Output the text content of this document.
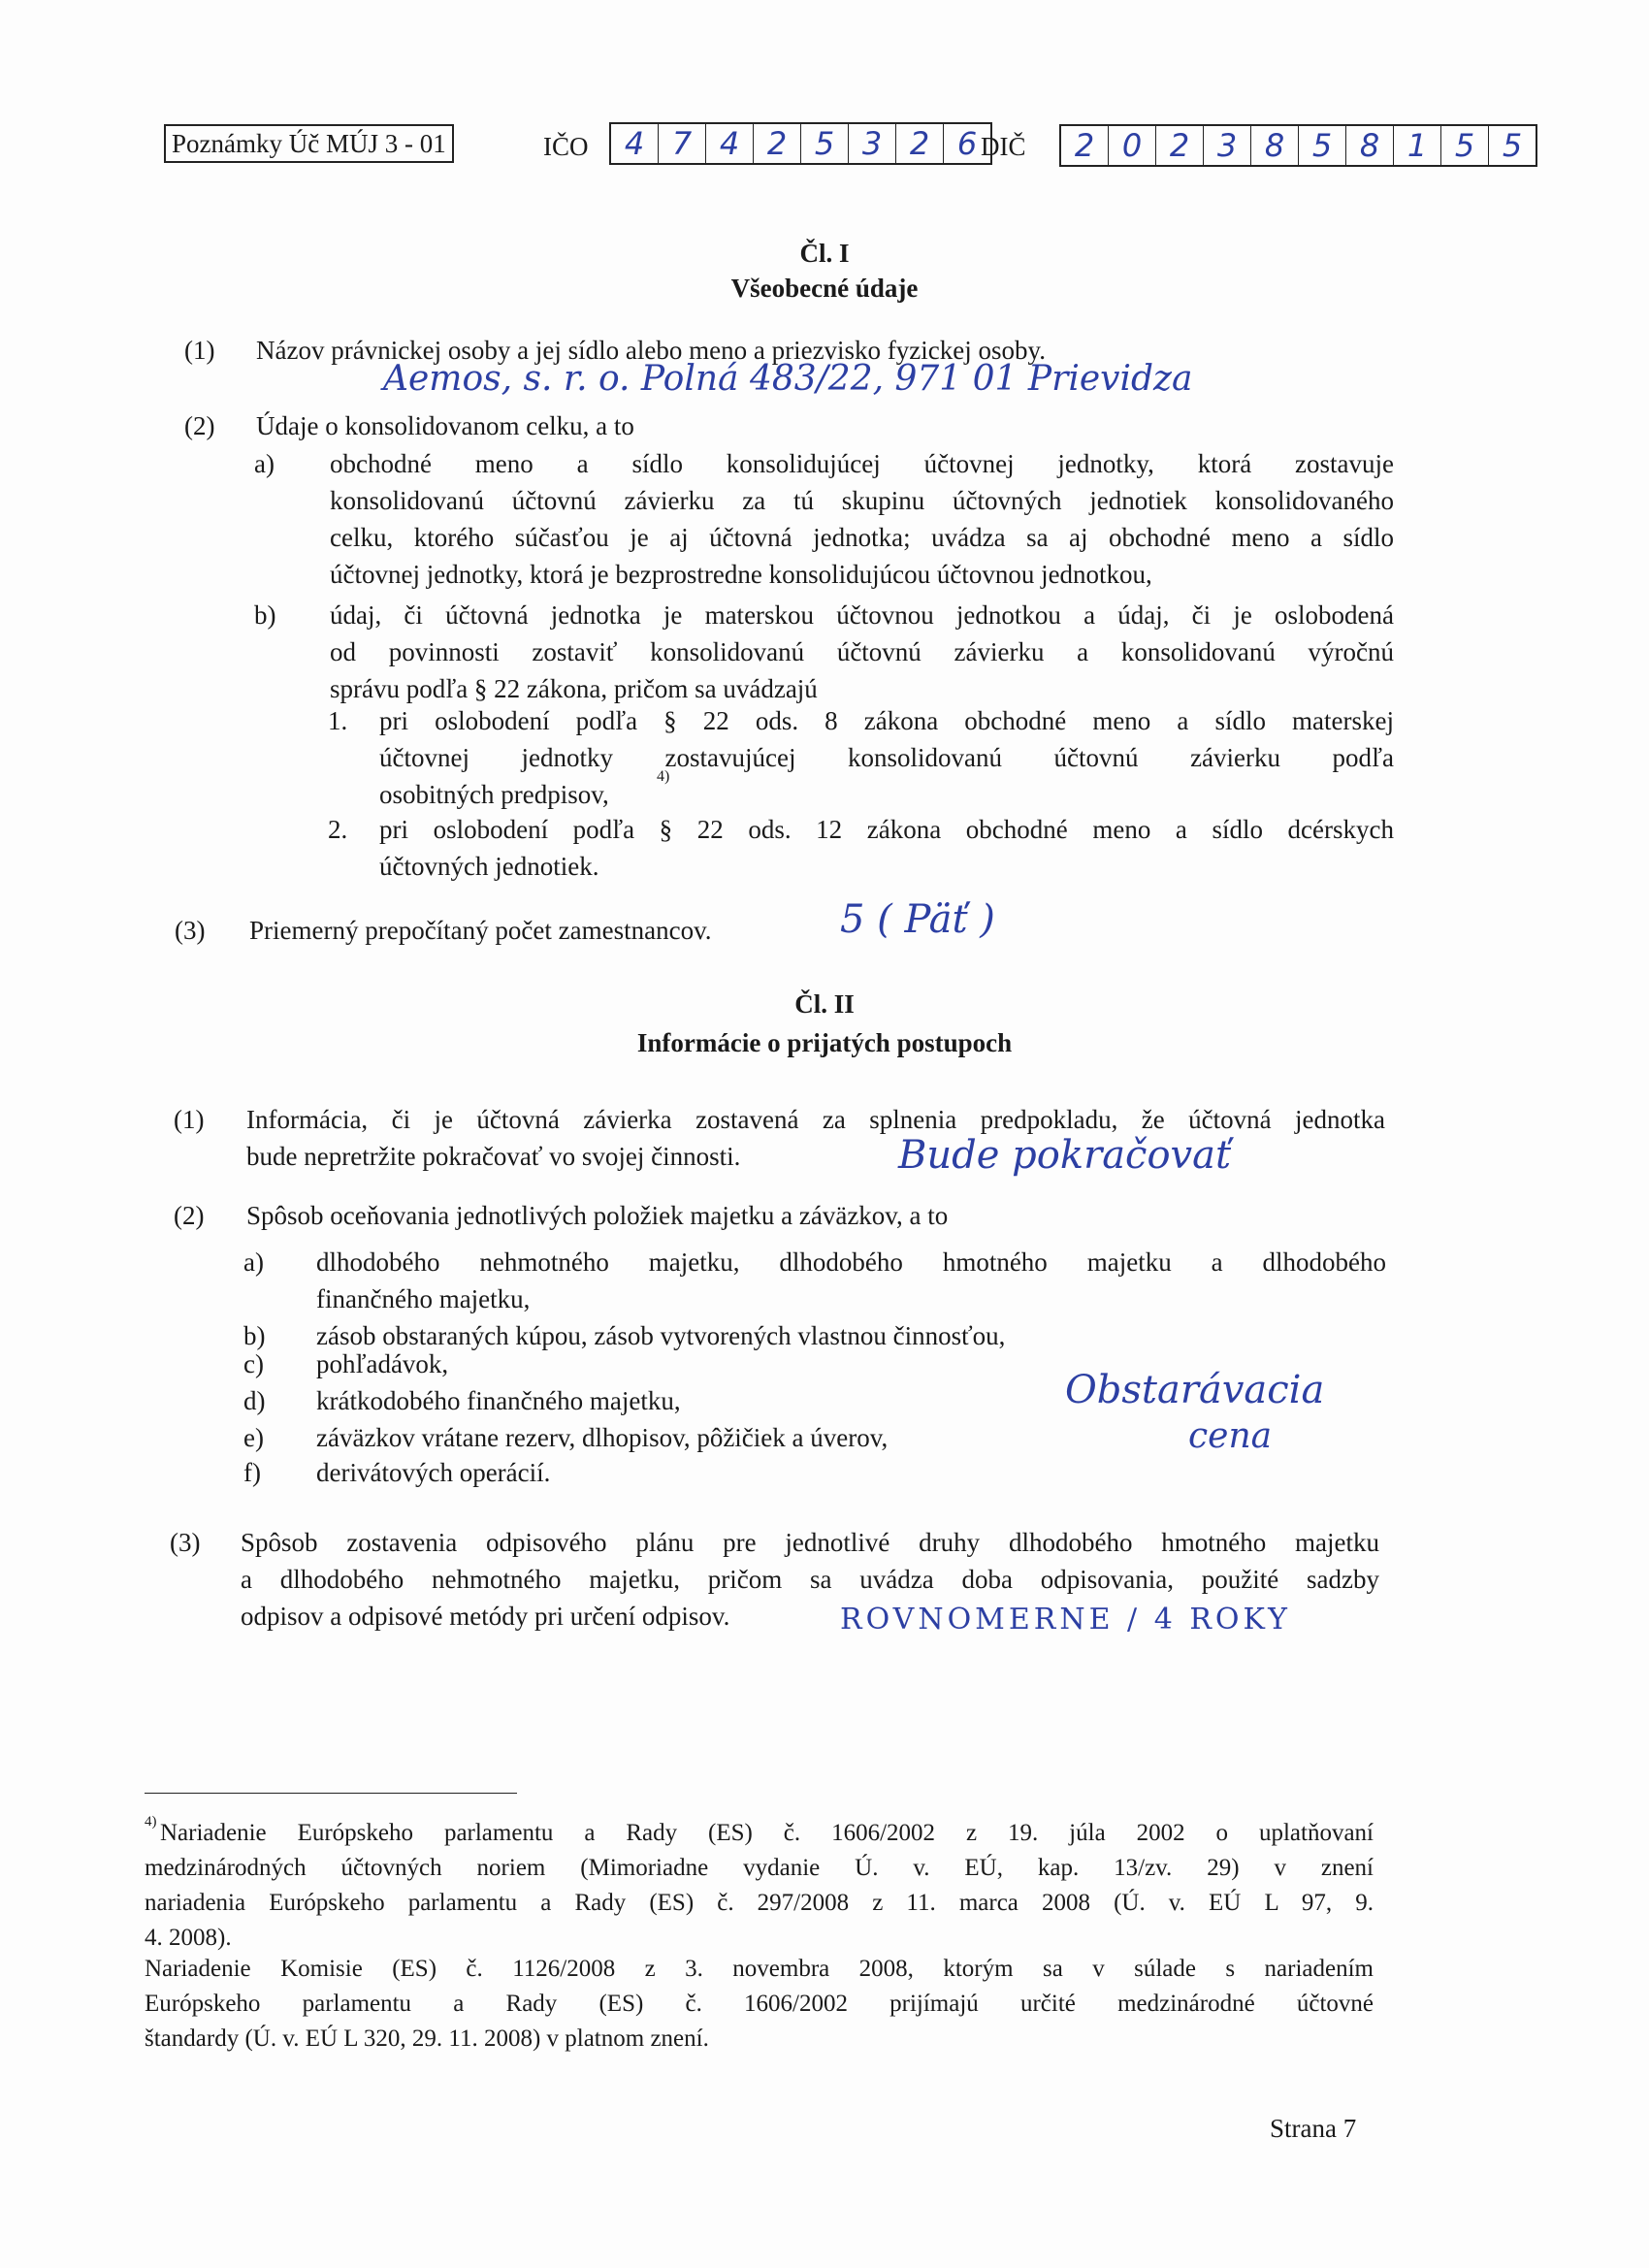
Poznámky Úč MÚJ 3 - 01	IČO	4 7 4 2 5 3 2 6 DIČ	2 0 2 3 8 5 8 1 5 5
Čl. I
Všeobecné údaje
(1) Názov právnickej osoby a jej sídlo alebo meno a priezvisko fyzickej osoby.
Aemos, s. r. o. Polná 483/22, 971 01 Prievidza
(2) Údaje o konsolidovanom celku, a to
a) obchodné meno a sídlo konsolidujúcej účtovnej jednotky, ktorá zostavuje
konsolidovanú účtovnú závierku za tú skupinu účtovných jednotiek konsolidovaného
celku, ktorého súčasťou je aj účtovná jednotka; uvádza sa aj obchodné meno a sídlo
účtovnej jednotky, ktorá je bezprostredne konsolidujúcou účtovnou jednotkou,
b) údaj, či účtovná jednotka je materskou účtovnou jednotkou a údaj, či je oslobodená
od povinnosti zostaviť konsolidovanú účtovnú závierku a konsolidovanú výročnú
správu podľa § 22 zákona, pričom sa uvádzajú
1. pri oslobodení podľa § 22 ods. 8 zákona obchodné meno a sídlo materskej
účtovnej jednotky zostavujúcej konsolidovanú účtovnú závierku podľa
osobitných predpisov,
4)
2. pri oslobodení podľa § 22 ods. 12 zákona obchodné meno a sídlo dcérskych
účtovných jednotiek.
(3) Priemerný prepočítaný počet zamestnancov.	5 ( Päť )
Čl. II
Informácie o prijatých postupoch
(1) Informácia, či je účtovná závierka zostavená za splnenia predpokladu, že účtovná jednotka
bude nepretržite pokračovať vo svojej činnosti.	Bude pokračovať
(2) Spôsob oceňovania jednotlivých položiek majetku a záväzkov, a to
a) dlhodobého nehmotného majetku, dlhodobého hmotného majetku a dlhodobého
finančného majetku,
b) zásob obstaraných kúpou, zásob vytvorených vlastnou činnosťou,
c) pohľadávok,
d) krátkodobého finančného majetku,
e) záväzkov vrátane rezerv, dlhopisov, pôžičiek a úverov,
f) derivátových operácií.
Obstarávacia
cena
(3) Spôsob zostavenia odpisového plánu pre jednotlivé druhy dlhodobého hmotného majetku
a dlhodobého nehmotného majetku, pričom sa uvádza doba odpisovania, použité sadzby
odpisov a odpisové metódy pri určení odpisov.	ROVNOMERNE / 4 ROKY
4) Nariadenie Európskeho parlamentu a Rady (ES) č. 1606/2002 z 19. júla 2002 o uplatňovaní
medzinárodných účtovných noriem (Mimoriadne vydanie Ú. v. EÚ, kap. 13/zv. 29) v znení
nariadenia Európskeho parlamentu a Rady (ES) č. 297/2008 z 11. marca 2008 (Ú. v. EÚ L 97, 9.
4. 2008).
Nariadenie Komisie (ES) č. 1126/2008 z 3. novembra 2008, ktorým sa v súlade s nariadením
Európskeho parlamentu a Rady (ES) č. 1606/2002 prijímajú určité medzinárodné účtovné
štandardy (Ú. v. EÚ L 320, 29. 11. 2008) v platnom znení.
Strana 7
